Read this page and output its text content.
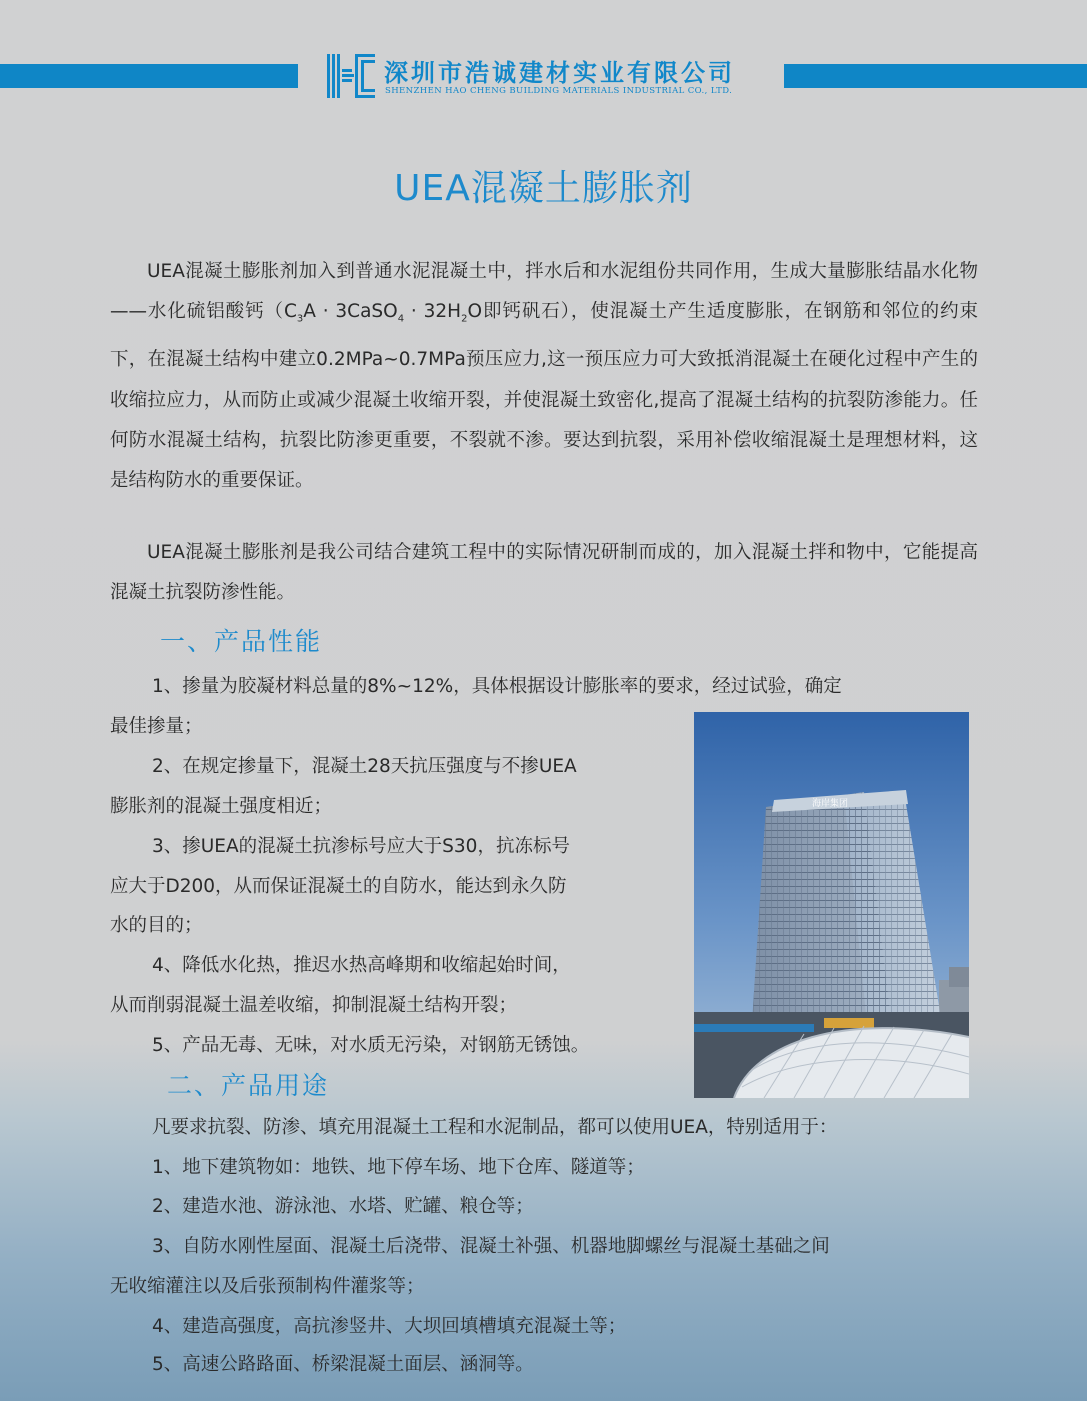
深圳市浩诚建材实业有限公司
SHENZHEN HAO CHENG BUILDING MATERIALS INDUSTRIAL CO., LTD.
UEA混凝土膨胀剂

UEA混凝土膨胀剂加入到普通水泥混凝土中，拌水后和水泥组份共同作用，生成大量膨胀结晶水化物——水化硫铝酸钙（$C_3A$ · 3CaSO$_4$ · $32H_2O$即钙矾石），使混凝土产生适度膨胀，在钢筋和邻位的约束下，在混凝土结构中建立0.2MPa~0.7MPa预压应力,这一预压应力可大致抵消混凝土在硬化过程中产生的收缩拉应力，从而防止或减少混凝土收缩开裂，并使混凝土致密化,提高了混凝土结构的抗裂防渗能力。任何防水混凝土结构，抗裂比防渗更重要，不裂就不渗。要达到抗裂，采用补偿收缩混凝土是理想材料，这是结构防水的重要保证。

UEA混凝土膨胀剂是我公司结合建筑工程中的实际情况研制而成的，加入混凝土拌和物中，它能提高混凝土抗裂防渗性能。

一、产品性能
1、掺量为胶凝材料总量的8%~12%，具体根据设计膨胀率的要求，经过试验，确定
最佳掺量；
2、在规定掺量下，混凝土28天抗压强度与不掺UEA
膨胀剂的混凝土强度相近；
3、掺UEA的混凝土抗渗标号应大于S30，抗冻标号
应大于D200，从而保证混凝土的自防水，能达到永久防
水的目的；
4、降低水化热，推迟水热高峰期和收缩起始时间，
从而削弱混凝土温差收缩，抑制混凝土结构开裂；
5、产品无毒、无味，对水质无污染，对钢筋无锈蚀。
海岸集团
二、产品用途
凡要求抗裂、防渗、填充用混凝土工程和水泥制品，都可以使用UEA，特别适用于：
1、地下建筑物如：地铁、地下停车场、地下仓库、隧道等；
2、建造水池、游泳池、水塔、贮罐、粮仓等；
3、自防水刚性屋面、混凝土后浇带、混凝土补强、机器地脚螺丝与混凝土基础之间
无收缩灌注以及后张预制构件灌浆等；
4、建造高强度，高抗渗竖井、大坝回填槽填充混凝土等；
5、高速公路路面、桥梁混凝土面层、涵洞等。
